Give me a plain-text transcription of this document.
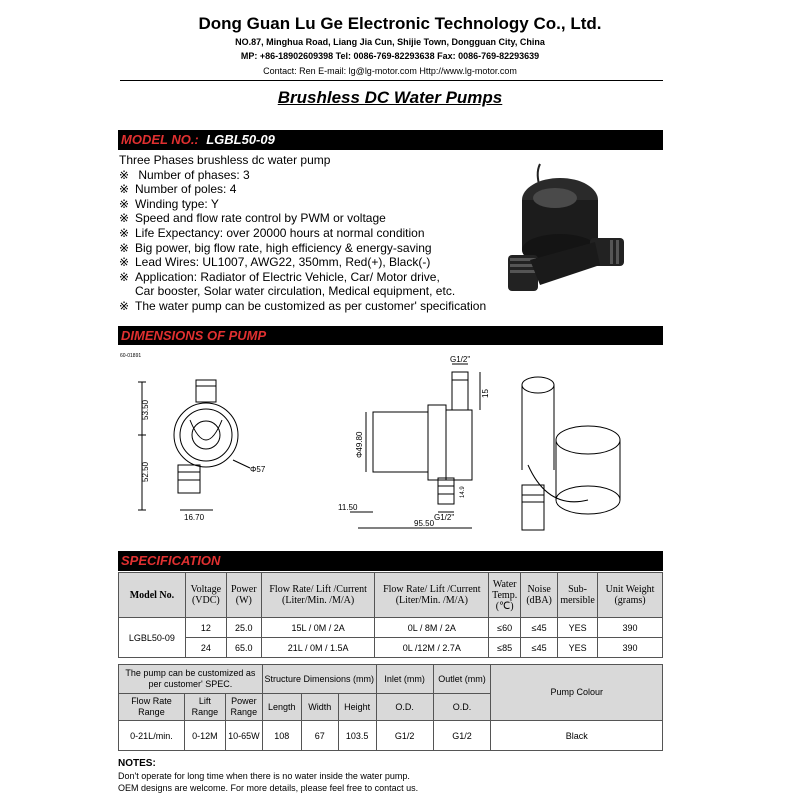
Dong Guan Lu Ge Electronic Technology Co., Ltd.
NO.87, Minghua Road, Liang Jia Cun, Shijie Town, Dongguan City, China
MP: +86-18902609398 Tel: 0086-769-82293638 Fax: 0086-769-82293639
Contact: Ren E-mail: lg@lg-motor.com Http://www.lg-motor.com
Brushless DC Water Pumps
MODEL NO.: LGBL50-09
Three Phases brushless dc water pump
※ Number of phases: 3
※ Number of poles: 4
※ Winding type: Y
※ Speed and flow rate control by PWM or voltage
※ Life Expectancy: over 20000 hours at normal condition
※ Big power, big flow rate, high efficiency & energy-saving
※ Lead Wires: UL1007, AWG22, 350mm, Red(+), Black(-)
※ Application: Radiator of Electric Vehicle, Car/ Motor drive,
Car booster, Solar water circulation, Medical equipment, etc.
※ The water pump can be customized as per customer' specification
DIMENSIONS OF PUMP
60-01891
53.50
52.50
16.70
Φ57
G1/2"
15
Φ49.80
11.50
95.50
G1/2"
14.9
SPECIFICATION
Model No.	Voltage (VDC)	Power (W)	Flow Rate/ Lift /Current (Liter/Min. /M/A)	Flow Rate/ Lift /Current (Liter/Min. /M/A)	Water Temp. (℃)	Noise (dBA)	Sub-mersible	Unit Weight (grams)
LGBL50-09	12	25.0	15L / 0M / 2A	0L / 8M / 2A	≤60	≤45	YES	390
	24	65.0	21L / 0M / 1.5A	0L /12M / 2.7A	≤85	≤45	YES	390
The pump can be customized as per customer' SPEC.			Structure Dimensions (mm)			Inlet (mm)	Outlet (mm)	Pump Colour
Flow Rate Range	Lift Range	Power Range	Length	Width	Height	O.D.	O.D.	
0-21L/min.	0-12M	10-65W	108	67	103.5	G1/2	G1/2	Black
NOTES:
Don't operate for long time when there is no water inside the water pump.
OEM designs are welcome. For more details, please feel free to contact us.
